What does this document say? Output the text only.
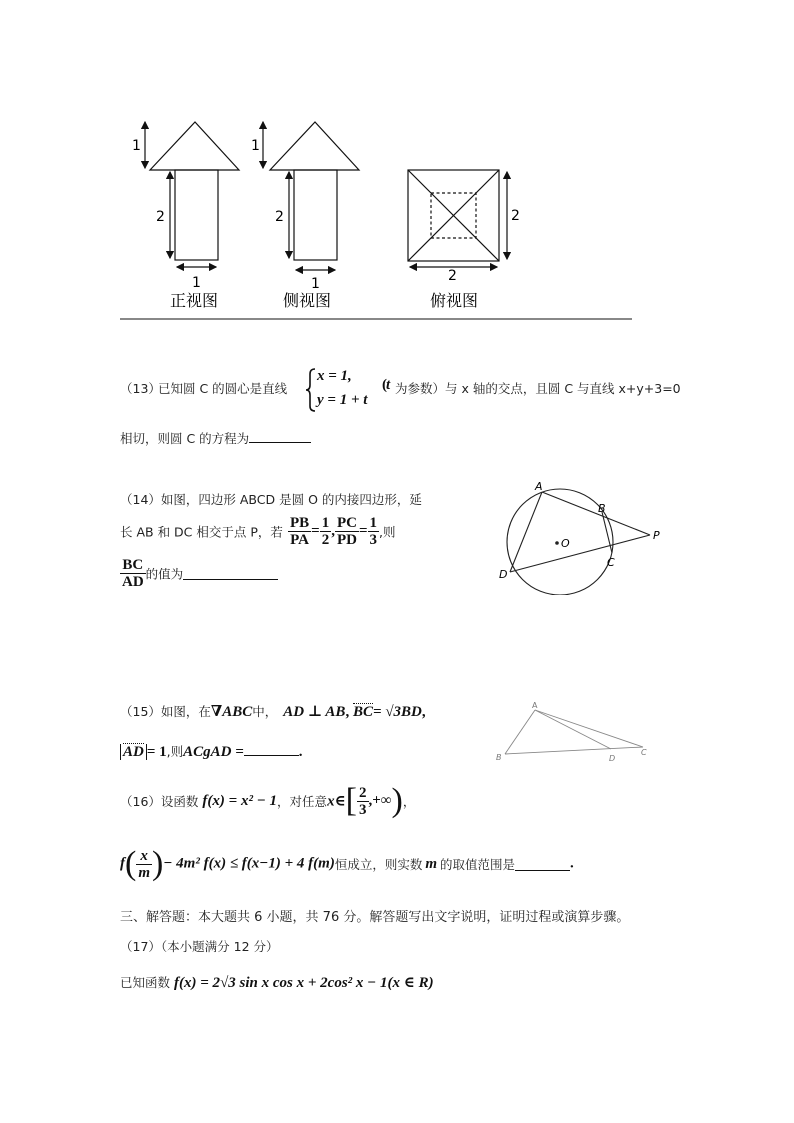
1
2
1
正视图
1
2
1
侧视图
2
2
俯视图
（13）
已知圆 C 的圆心是直线
x = 1,
y = 1 + t
( t 为参数）与 x 轴的交点，且圆 C 与直线 x+y+3=0
相切，则圆 C 的方程为
（14）如图，四边形 ABCD 是圆 O 的内接四边形，延
长 AB 和 DC 相交于点 P，若 $\frac{PB}{PA} = \frac{1}{2}$ , $\frac{PC}{PD} = \frac{1}{3}$ ,则
$\frac{BC}{AD}$ 的值为
A
B
C
D
P
O
（15）如图，在∇ABC中， AD ⊥ AB, BC= √3BD,
AD = 1,则ACgAD =	.
A
B	D
C
（16）设函数 f(x) = x² − 1，对任意x∈[ $\frac{2}{3}$ ,+∞)，
$f( \frac{x}{m}$ )− 4m² f(x) ≤ f(x−1) + 4 f(m)恒成立，则实数 m 的取值范围是	.
三、解答题：本大题共 6 小题，共 76 分。解答题写出文字说明，证明过程或演算步骤。
（17）（本小题满分 12 分）
已知函数 f(x) = 2√3 sin x cos x + 2cos² x − 1(x ∈ R)
